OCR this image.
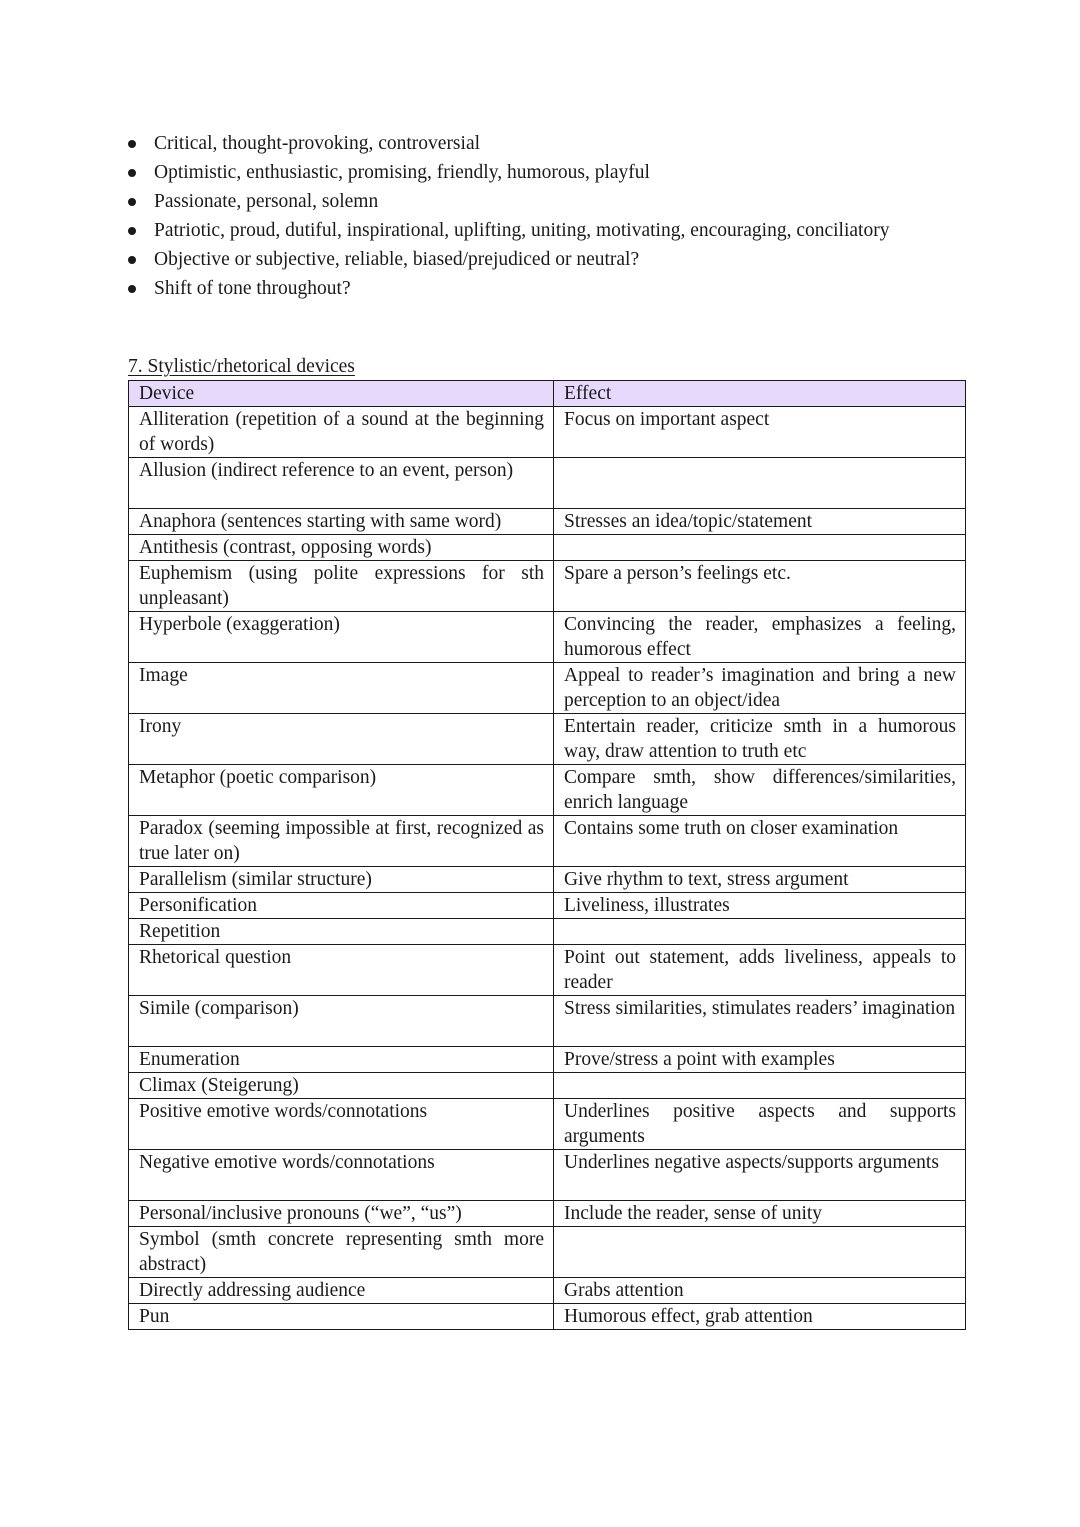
Critical, thought-provoking, controversial
Optimistic, enthusiastic, promising, friendly, humorous, playful
Passionate, personal, solemn
Patriotic, proud, dutiful, inspirational, uplifting, uniting, motivating, encouraging, conciliatory
Objective or subjective, reliable, biased/prejudiced or neutral?
Shift of tone throughout?
7. Stylistic/rhetorical devices
Device	Effect
Alliteration (repetition of a sound at the beginning of words)	Focus on important aspect
Allusion (indirect reference to an event, person)	
Anaphora (sentences starting with same word)	Stresses an idea/topic/statement
Antithesis (contrast, opposing words)	
Euphemism (using polite expressions for sth unpleasant)	Spare a person’s feelings etc.
Hyperbole (exaggeration)	Convincing the reader, emphasizes a feeling, humorous effect
Image	Appeal to reader’s imagination and bring a new perception to an object/idea
Irony	Entertain reader, criticize smth in a humorous way, draw attention to truth etc
Metaphor (poetic comparison)	Compare smth, show differences/similarities, enrich language
Paradox (seeming impossible at first, recognized as true later on)	Contains some truth on closer examination
Parallelism (similar structure)	Give rhythm to text, stress argument
Personification	Liveliness, illustrates
Repetition	
Rhetorical question	Point out statement, adds liveliness, appeals to reader
Simile (comparison)	Stress similarities, stimulates readers’ imagination
Enumeration	Prove/stress a point with examples
Climax (Steigerung)	
Positive emotive words/connotations	Underlines positive aspects and supports arguments
Negative emotive words/connotations	Underlines negative aspects/supports arguments
Personal/inclusive pronouns (“we”, “us”)	Include the reader, sense of unity
Symbol (smth concrete representing smth more abstract)	
Directly addressing audience	Grabs attention
Pun	Humorous effect, grab attention
